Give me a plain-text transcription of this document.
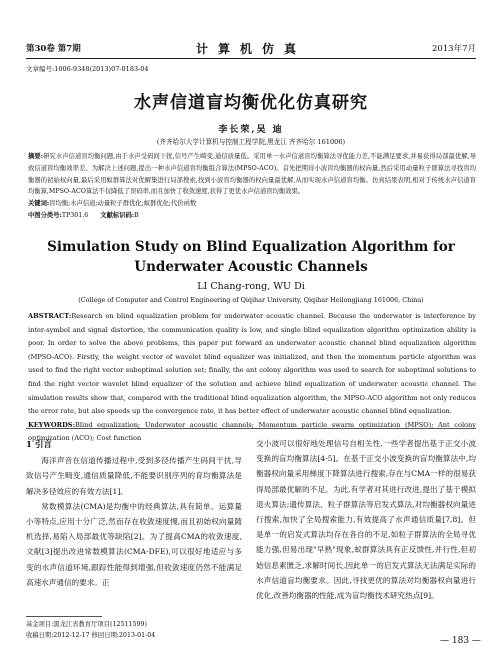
第30卷 第7期	计算机仿真	2013年7月
文章编号:1006-9348(2013)07-0183-04
水声信道盲均衡优化仿真研究
李长荣,吴 迪
(齐齐哈尔大学计算机与控制工程学院,黑龙江 齐齐哈尔 161006)
摘要:研究水声信道盲均衡问题,由于水声受码间干扰,信号产生畸变,通信质量低。采用单一水声信道盲均衡算法寻优能力差,不能满足要求,并易获得局部最优解,导致信道盲均衡效率差。为解决上述问题,提出一种水声信道盲均衡组合算法(MPSO-ACO)。首先把期待小波盲均衡器的权向量,然后采用动量粒子群算法寻找盲均衡器的初始权向量,最后采用蚁群算法对优解集进行局部搜索,找到小波盲均衡器的权向量最优解,从而实现水声信道盲均衡。仿真结果表明,相对于传统水声信道盲均衡算,MPSO-ACO算法不仅降低了误码率,而且加快了收敛速度,获得了更优水声信道盲均衡效果。
关键词:盲均衡;水声信道;动量粒子群优化;蚁群优化;代价函数
中图分类号:TP301.6 文献标识码:B
Simulation Study on Blind Equalization Algorithm for
Underwater Acoustic Channels
LI Chang-rong, WU Di
(College of Computer and Control Engineering of Qiqihar University, Qiqihar Heilongjiang 161006, China)
ABSTRACT:Research on blind equalization problem for underwater acoustic channel. Because the underwater is interference by inter-symbol and signal distortion, the communication quality is low, and single blind equalization algorithm optimization ability is poor. In order to solve the above problems, this paper put forward an underwater acoustic channel blind equalization algorithm (MPSO-ACO). Firstly, the weight vector of wavelet blind equalizer was initialized, and then the momentum particle algorithm was used to find the right vector suboptimal solution set; finally, the ant colony algorithm was used to search for suboptimal solutions to find the right vector wavelet blind equalizer of the solution and achieve blind equalization of underwater acoustic channel. The simulation results show that, compared with the traditional blind equalization algorithm, the MPSO-ACO algorithm not only reduces the error rate, but also speeds up the convergence rate, it has better effect of underwater acoustic channel blind equalization.
KEYWORDS:Blind equalization; Underwater acoustic channels; Momentum particle swarm optimization (MPSO); Ant colony optimization (ACO); Cost function
1 引言
海洋声音在信道传播过程中,受到多径传播产生码间干扰,导致信号产生畸变,通信质量降低,不能要识别序列的育均衡算法是解决多径效应的有效方法[1]。
常数模算法(CMA)是均衡中的经典算法,具有简单、运算量小等特点,应用十分广泛,然而存在收敛速度慢,而且初始权向量随机选择,易陷入局部最优等缺陷[2]。为了提高CMA的收敛速度,文献[3]提出改进常数模算法(CMA-DFE),可以很好地适应与多变的水声信道环境,跟踪性能得到增强,但收敛速度仍然不能满足高速水声通信的要求。正
交小波可以很好地处理信号自相关性,一些学者提出基于正交小波变换的盲均衡算法[4-5]。在基于正交小波变换的盲均衡算法中,均衡器权向量采用梯度下降算法进行搜索,存在与CMA一样的很易获得局部最优解的不足。为此,有学者对其进行改进,提出了基于模拟退火算法;遗传算法、粒子群算法等启发式算法,对均衡器权向量进行搜索,加快了全局搜索能力,有效提高了水声通信质量[7,8]。但是单一的启发式算法均存在各自的不足,如粒子群算法的全局寻优能力强,但易出现"早熟"现象,蚁群算法具有正反馈性,并行性,但初始信息素匮乏,求解时间长,因此单一的启发式算法无法满足实际的水声信道盲均衡要求。因此,寻找更优的算法对均衡器权向量进行优化,改善均衡器的性能,成为盲均衡技术研究热点[9]。
基金项目:黑龙江省教育厅项目(12511599)
收稿日期:2012-12-17 修回日期:2013-01-04
— 183 —
